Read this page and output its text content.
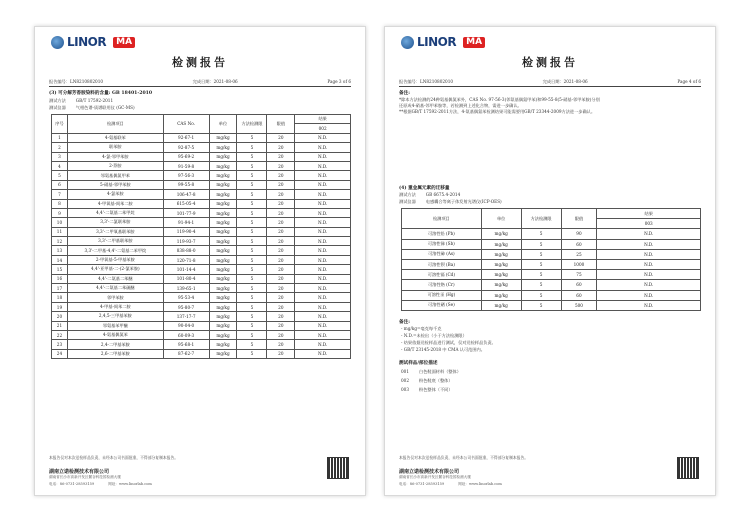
LINOR	MA
检测报告
报告编号：LN8210802010	完成日期：2021-08-06	Page 3 of 6
(3) 可分解芳香胺染料的含量: GB 18401-2010
测试方法 GB/T 17592-2011
测试仪器 气相色谱-质谱联用仪 (GC-MS)
序号	检测项目	CAS No.	单位	方法检测限	限值	结果
						002
1	4-氨基联苯	92-67-1	mg/kg	5	20	N.D.
2	联苯胺	92-87-5	mg/kg	5	20	N.D.
3	4-氯-邻甲苯胺	95-69-2	mg/kg	5	20	N.D.
4	2-萘胺	91-59-8	mg/kg	5	20	N.D.
5	邻氨基偶氮甲苯	97-56-3	mg/kg	5	20	N.D.
6	5-硝基-邻甲苯胺	99-55-8	mg/kg	5	20	N.D.
7	4-氯苯胺	106-47-8	mg/kg	5	20	N.D.
8	4-甲氧基-间苯二胺	615-05-4	mg/kg	5	20	N.D.
9	4,4'-二氨基二苯甲烷	101-77-9	mg/kg	5	20	N.D.
10	3,3'-二氯联苯胺	91-94-1	mg/kg	5	20	N.D.
11	3,3'-二甲氧基联苯胺	119-90-4	mg/kg	5	20	N.D.
12	3,3'-二甲基联苯胺	119-93-7	mg/kg	5	20	N.D.
13	3,3'-二甲基-4,4'-二氨基二苯甲烷	838-88-0	mg/kg	5	20	N.D.
14	2-甲氧基-5-甲基苯胺	120-71-8	mg/kg	5	20	N.D.
15	4,4'-亚甲基-二-(2-氯苯胺)	101-14-4	mg/kg	5	20	N.D.
16	4,4'-二氨基二苯醚	101-80-4	mg/kg	5	20	N.D.
17	4,4'-二氨基二苯硫醚	139-65-1	mg/kg	5	20	N.D.
18	邻甲苯胺	95-53-4	mg/kg	5	20	N.D.
19	4-甲基-间苯二胺	95-80-7	mg/kg	5	20	N.D.
20	2,4,5-三甲基苯胺	137-17-7	mg/kg	5	20	N.D.
21	邻氨基苯甲醚	90-04-0	mg/kg	5	20	N.D.
22	4-氨基偶氮苯	60-09-3	mg/kg	5	20	N.D.
23	2,4-二甲基苯胺	95-68-1	mg/kg	5	20	N.D.
24	2,6-二甲基苯胺	87-62-7	mg/kg	5	20	N.D.
本报告仅对本次送检样品负责，未经本公司书面批准，不得部分复制本报告。
湖南立诺检测技术有限公司
湖南省长沙市高新开发区麓谷科技园检测大楼
电话：86-0731-28593159	网址：www.linorlab.com
LINOR	MA
检测报告
报告编号：LN8210802010	完成日期：2021-08-06	Page 4 of 6
备注:
*除本方法检测的24种氨基偶氮苯外，CAS No. 97-56-3(邻氨基偶氮甲苯)和99-55-8(5-硝基-邻甲苯胺)分别
还原成4-硝基-邻甲苯胺等，若检测到上述化合物，需进一步确认。
**根据GB/T 17592-2011方法，4-氨基偶氮苯检测结果可能需要用GB/T 23344-2009方法进一步确认。
(4) 重金属元素的迁移量
测试方法 GB 6675.4-2014
测试仪器 电感耦合等离子体发射光谱仪(ICP-OES)
检测项目	单位	方法检测限	限值	结果
				003
可溶性铅 (Pb)	mg/kg	5	90	N.D.
可溶性锑 (Sb)	mg/kg	5	60	N.D.
可溶性砷 (As)	mg/kg	5	25	N.D.
可溶性钡 (Ba)	mg/kg	5	1000	N.D.
可溶性镉 (Cd)	mg/kg	5	75	N.D.
可溶性铬 (Cr)	mg/kg	5	60	N.D.
可溶性汞 (Hg)	mg/kg	5	60	N.D.
可溶性硒 (Se)	mg/kg	5	500	N.D.
备注:
- mg/kg=毫克每千克
- N.D.=未检出（小于方法检测限）
- 结果依据送检样品进行测试，仅对送检样品负责。
- GB/T 23145-2018 中 CMA 认可范围内。
测试样品/部位描述
001 白色鞋面材料（整体）
002 粉色鞋底（整体）
003 粉色整体（不同）
本报告仅对本次送检样品负责，未经本公司书面批准，不得部分复制本报告。
湖南立诺检测技术有限公司
湖南省长沙市高新开发区麓谷科技园检测大楼
电话：86-0731-28593159	网址：www.linorlab.com
